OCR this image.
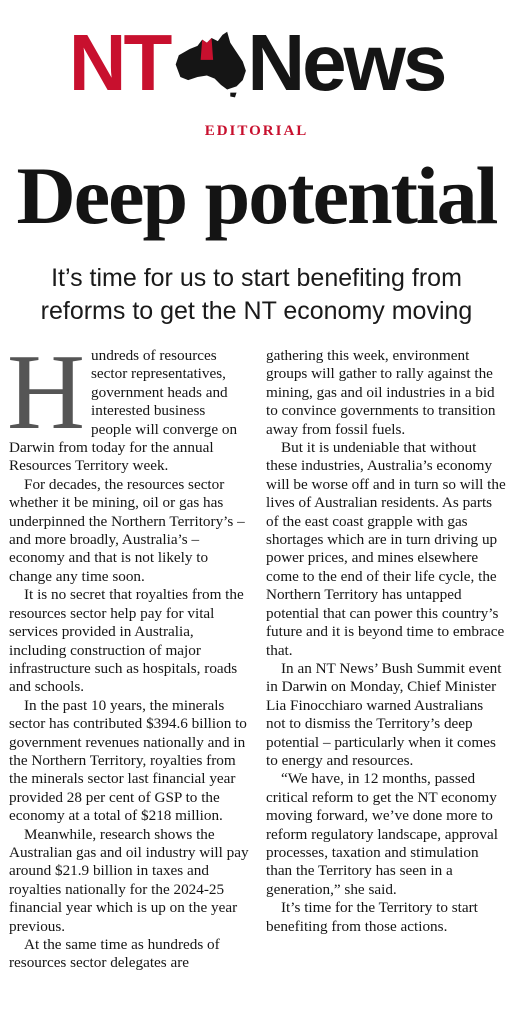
NT News
EDITORIAL
Deep potential
It’s time for us to start benefiting from reforms to get the NT economy moving

Hundreds of resources sector representatives, government heads and interested business people will converge on Darwin from today for the annual Resources Territory week.

For decades, the resources sector whether it be mining, oil or gas has underpinned the Northern Territory’s – and more broadly, Australia’s – economy and that is not likely to change any time soon.

It is no secret that royalties from the resources sector help pay for vital services provided in Australia, including construction of major infrastructure such as hospitals, roads and schools.

In the past 10 years, the minerals sector has contributed $394.6 billion to government revenues nationally and in the Northern Territory, royalties from the minerals sector last financial year provided 28 per cent of GSP to the economy at a total of $218 million.

Meanwhile, research shows the Australian gas and oil industry will pay around $21.9 billion in taxes and royalties nationally for the 2024-25 financial year which is up on the year previous.

At the same time as hundreds of resources sector delegates are

gathering this week, environment groups will gather to rally against the mining, gas and oil industries in a bid to convince governments to transition away from fossil fuels.

But it is undeniable that without these industries, Australia’s economy will be worse off and in turn so will the lives of Australian residents. As parts of the east coast grapple with gas shortages which are in turn driving up power prices, and mines elsewhere come to the end of their life cycle, the Northern Territory has untapped potential that can power this country’s future and it is beyond time to embrace that.

In an NT News’ Bush Summit event in Darwin on Monday, Chief Minister Lia Finocchiaro warned Australians not to dismiss the Territory’s deep potential – particularly when it comes to energy and resources.

“We have, in 12 months, passed critical reform to get the NT economy moving forward, we’ve done more to reform regulatory landscape, approval processes, taxation and stimulation than the Territory has seen in a generation,” she said.

It’s time for the Territory to start benefiting from those actions.
